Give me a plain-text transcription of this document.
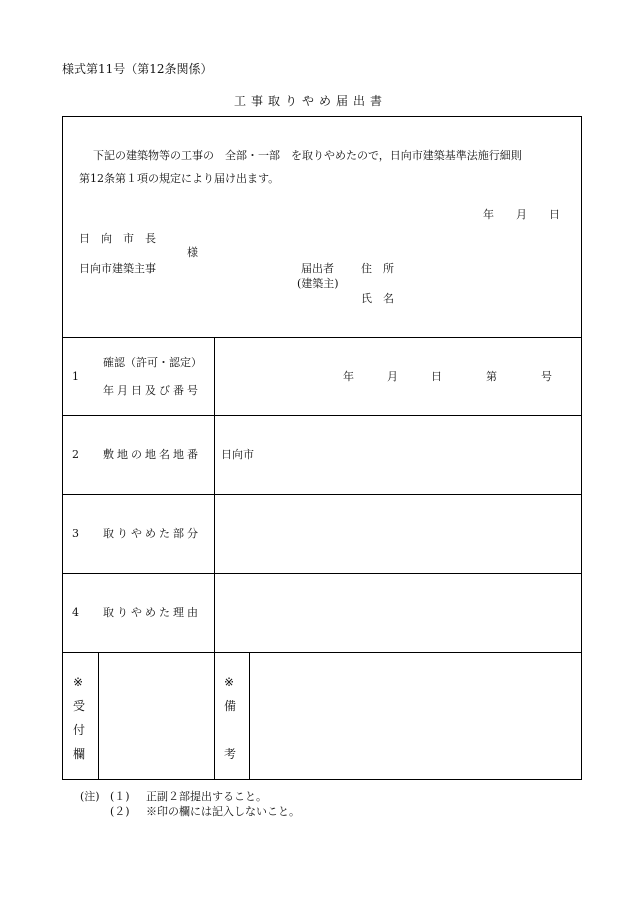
様式第11号（第12条関係）
工事取りやめ届出書
下記の建築物等の工事の　全部・一部　を取りやめたので，日向市建築基準法施行細則
第12条第１項の規定により届け出ます。
年　　月　　日
日　向　市　長
様
日向市建築主事	届出者 住　所
(建築主)
氏　名
1
確認（許可・認定）
年月日及び番号
年　　　月　　　日　　　　第　　　　号
2 敷地の地名地番 日向市
3 取りやめた部分
4 取りやめた理由
※
受
付
欄
※
備
考
(注) (１) 正副２部提出すること。
(２) ※印の欄には記入しないこと。
